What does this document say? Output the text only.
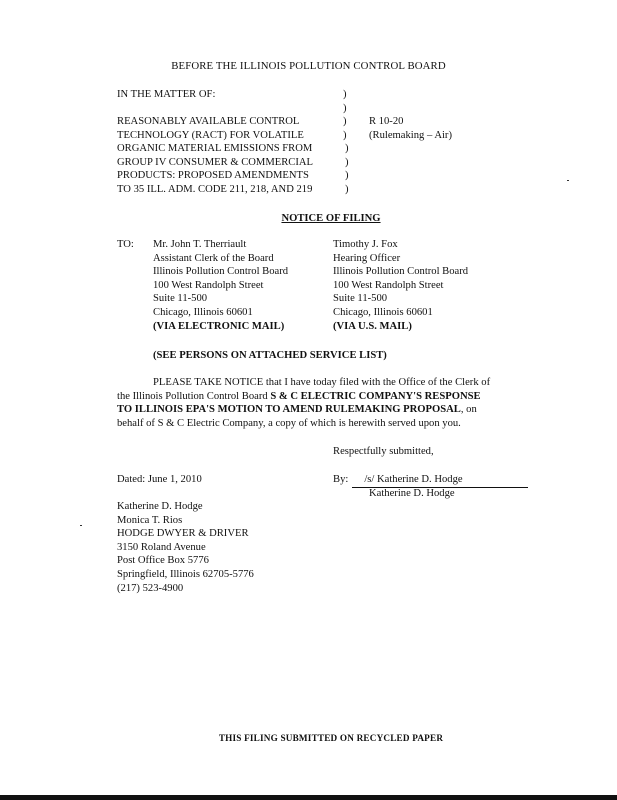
BEFORE THE ILLINOIS POLLUTION CONTROL BOARD
IN THE MATTER OF:
REASONABLY AVAILABLE CONTROL
TECHNOLOGY (RACT) FOR VOLATILE
ORGANIC MATERIAL EMISSIONS FROM
GROUP IV CONSUMER & COMMERCIAL
PRODUCTS: PROPOSED AMENDMENTS
TO 35 ILL. ADM. CODE 211, 218, AND 219
)
)
)
)
)
)
)
)
R 10-20
(Rulemaking – Air)
NOTICE OF FILING
TO: Mr. John T. Therriault
Assistant Clerk of the Board
Illinois Pollution Control Board
100 West Randolph Street
Suite 11-500
Chicago, Illinois 60601
(VIA ELECTRONIC MAIL)
Timothy J. Fox
Hearing Officer
Illinois Pollution Control Board
100 West Randolph Street
Suite 11-500
Chicago, Illinois 60601
(VIA U.S. MAIL)
(SEE PERSONS ON ATTACHED SERVICE LIST)
PLEASE TAKE NOTICE that I have today filed with the Office of the Clerk of
the Illinois Pollution Control Board S & C ELECTRIC COMPANY'S RESPONSE
TO ILLINOIS EPA'S MOTION TO AMEND RULEMAKING PROPOSAL, on
behalf of S & C Electric Company, a copy of which is herewith served upon you.
Respectfully submitted,
Dated: June 1, 2010	By: /s/ Katherine D. Hodge
Katherine D. Hodge
Katherine D. Hodge
Monica T. Rios
HODGE DWYER & DRIVER
3150 Roland Avenue
Post Office Box 5776
Springfield, Illinois 62705-5776
(217) 523-4900
THIS FILING SUBMITTED ON RECYCLED PAPER
